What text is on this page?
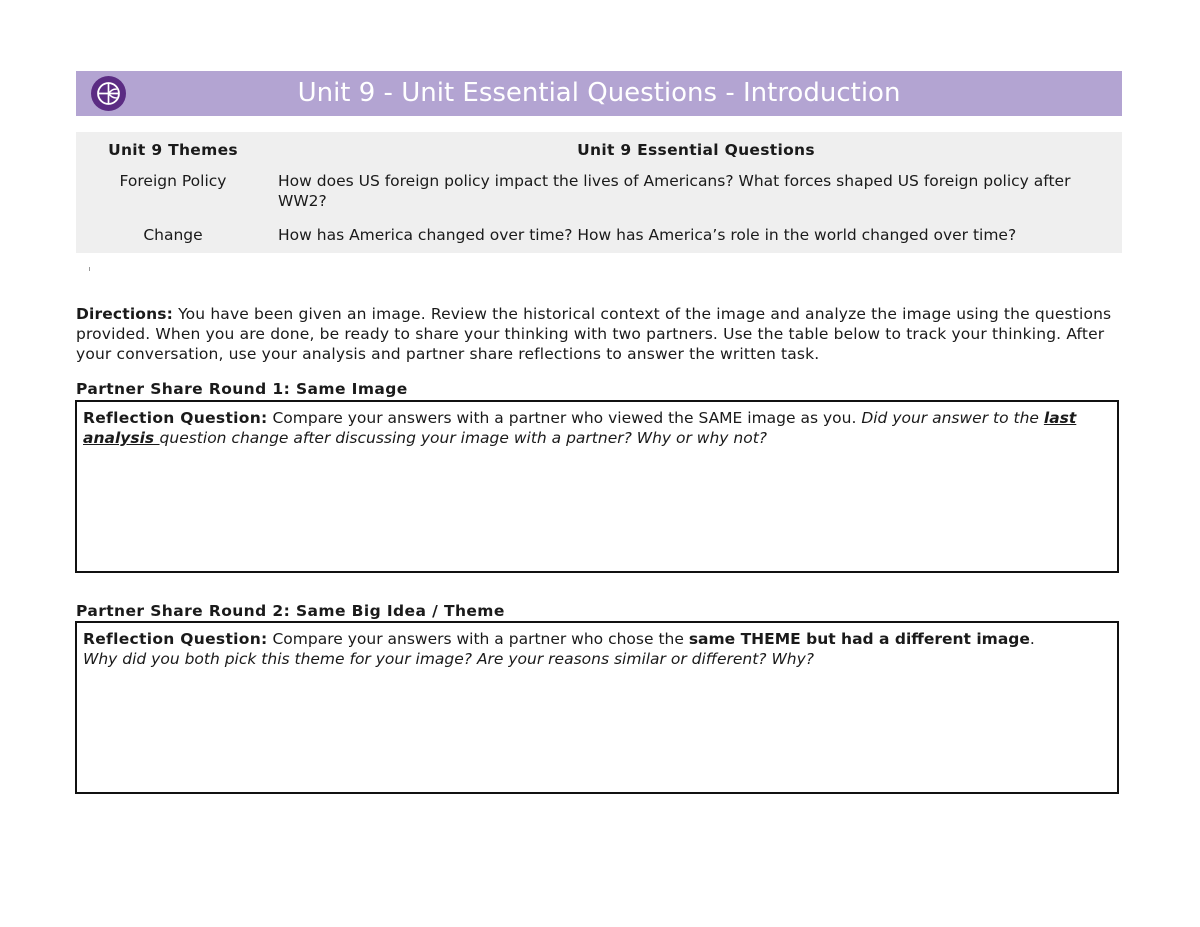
Unit 9 - Unit Essential Questions - Introduction
Unit 9 Themes	Unit 9 Essential Questions
Foreign Policy	How does US foreign policy impact the lives of Americans? What forces shaped US foreign policy after WW2?
Change	How has America changed over time? How has America’s role in the world changed over time?
Directions: You have been given an image. Review the historical context of the image and analyze the image using the questions provided. When you are done, be ready to share your thinking with two partners. Use the table below to track your thinking. After your conversation, use your analysis and partner share reflections to answer the written task.
Partner Share Round 1: Same Image
Reflection Question: Compare your answers with a partner who viewed the SAME image as you. Did your answer to the last analysis question change after discussing your image with a partner? Why or why not?
Partner Share Round 2: Same Big Idea / Theme
Reflection Question: Compare your answers with a partner who chose the same THEME but had a different image.
Why did you both pick this theme for your image? Are your reasons similar or different? Why?
